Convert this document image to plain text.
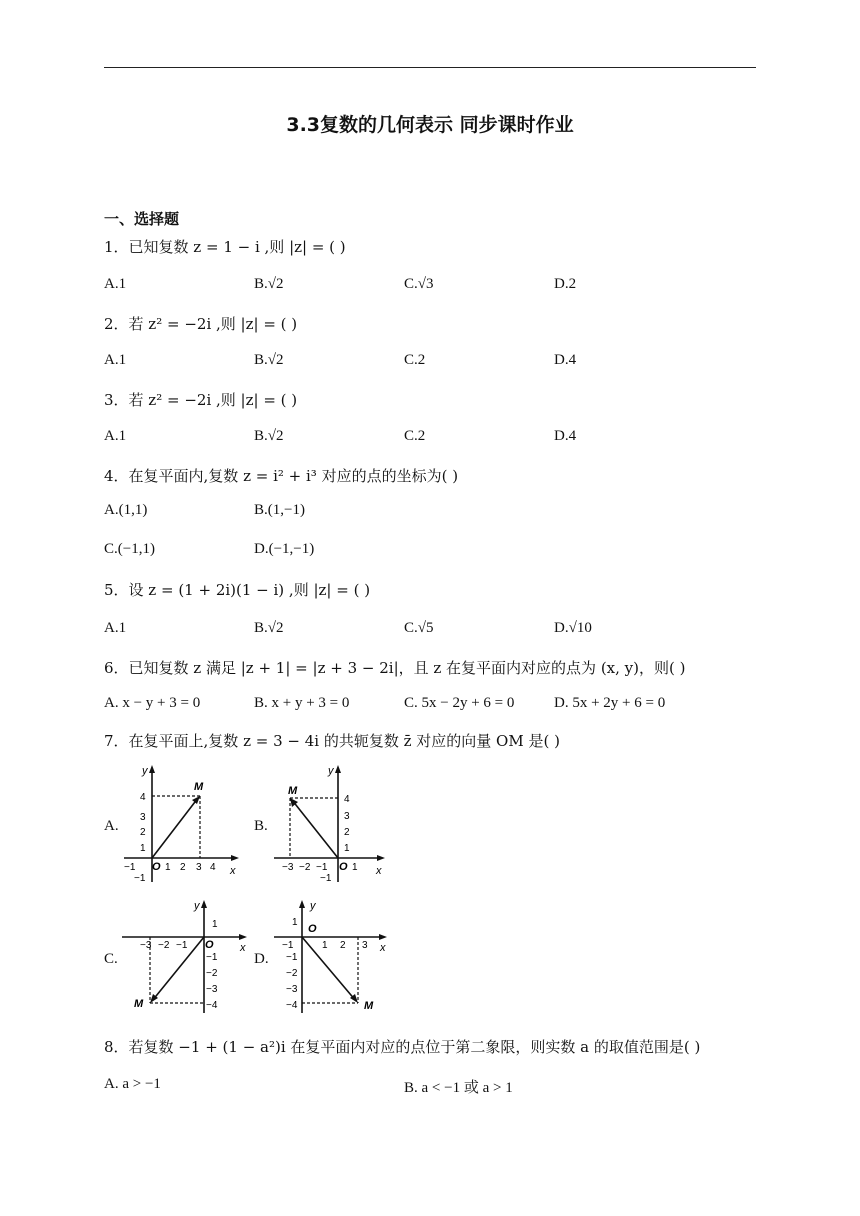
3.3复数的几何表示 同步课时作业
一、选择题
1．已知复数 z = 1 − i ,则 |z| = ( )
A.1	B.√2	C.√3	D.2
2．若 z² = −2i ,则 |z| = ( )
A.1	B.√2	C.2	D.4
3．若 z² = −2i ,则 |z| = ( )
A.1	B.√2	C.2	D.4
4．在复平面内,复数 z = i² + i³ 对应的点的坐标为( )
A.(1,1)	B.(1,−1)
C.(−1,1)	D.(−1,−1)
5．设 z = (1 + 2i)(1 − i) ,则 |z| = ( )
A.1	B.√2	C.√5	D.√10
6．已知复数 z 满足 |z + 1| = |z + 3 − 2i|，且 z 在复平面内对应的点为 (x, y)，则( )
A. x − y + 3 = 0	B. x + y + 3 = 0	C. 5x − 2y + 6 = 0	D. 5x + 2y + 6 = 0
7．在复平面上,复数 z = 3 − 4i 的共轭复数 z̄ 对应的向量 OM 是( )
A.	B.
C.	D.
y
x
M
1
2
3
4
−1
−1
O 1 2 3 4
y
x
M
4
3
2
1
−3 −2 −1
−1
O 1
y
x
M
1
−3 −2 −1 O
−1
−2
−3
−4
y
x
M
1
O
−1	1 2 3
−1
−2
−3
−4
8．若复数 −1 + (1 − a²)i 在复平面内对应的点位于第二象限，则实数 a 的取值范围是( )
A. a > −1	B. a < −1 或 a > 1
